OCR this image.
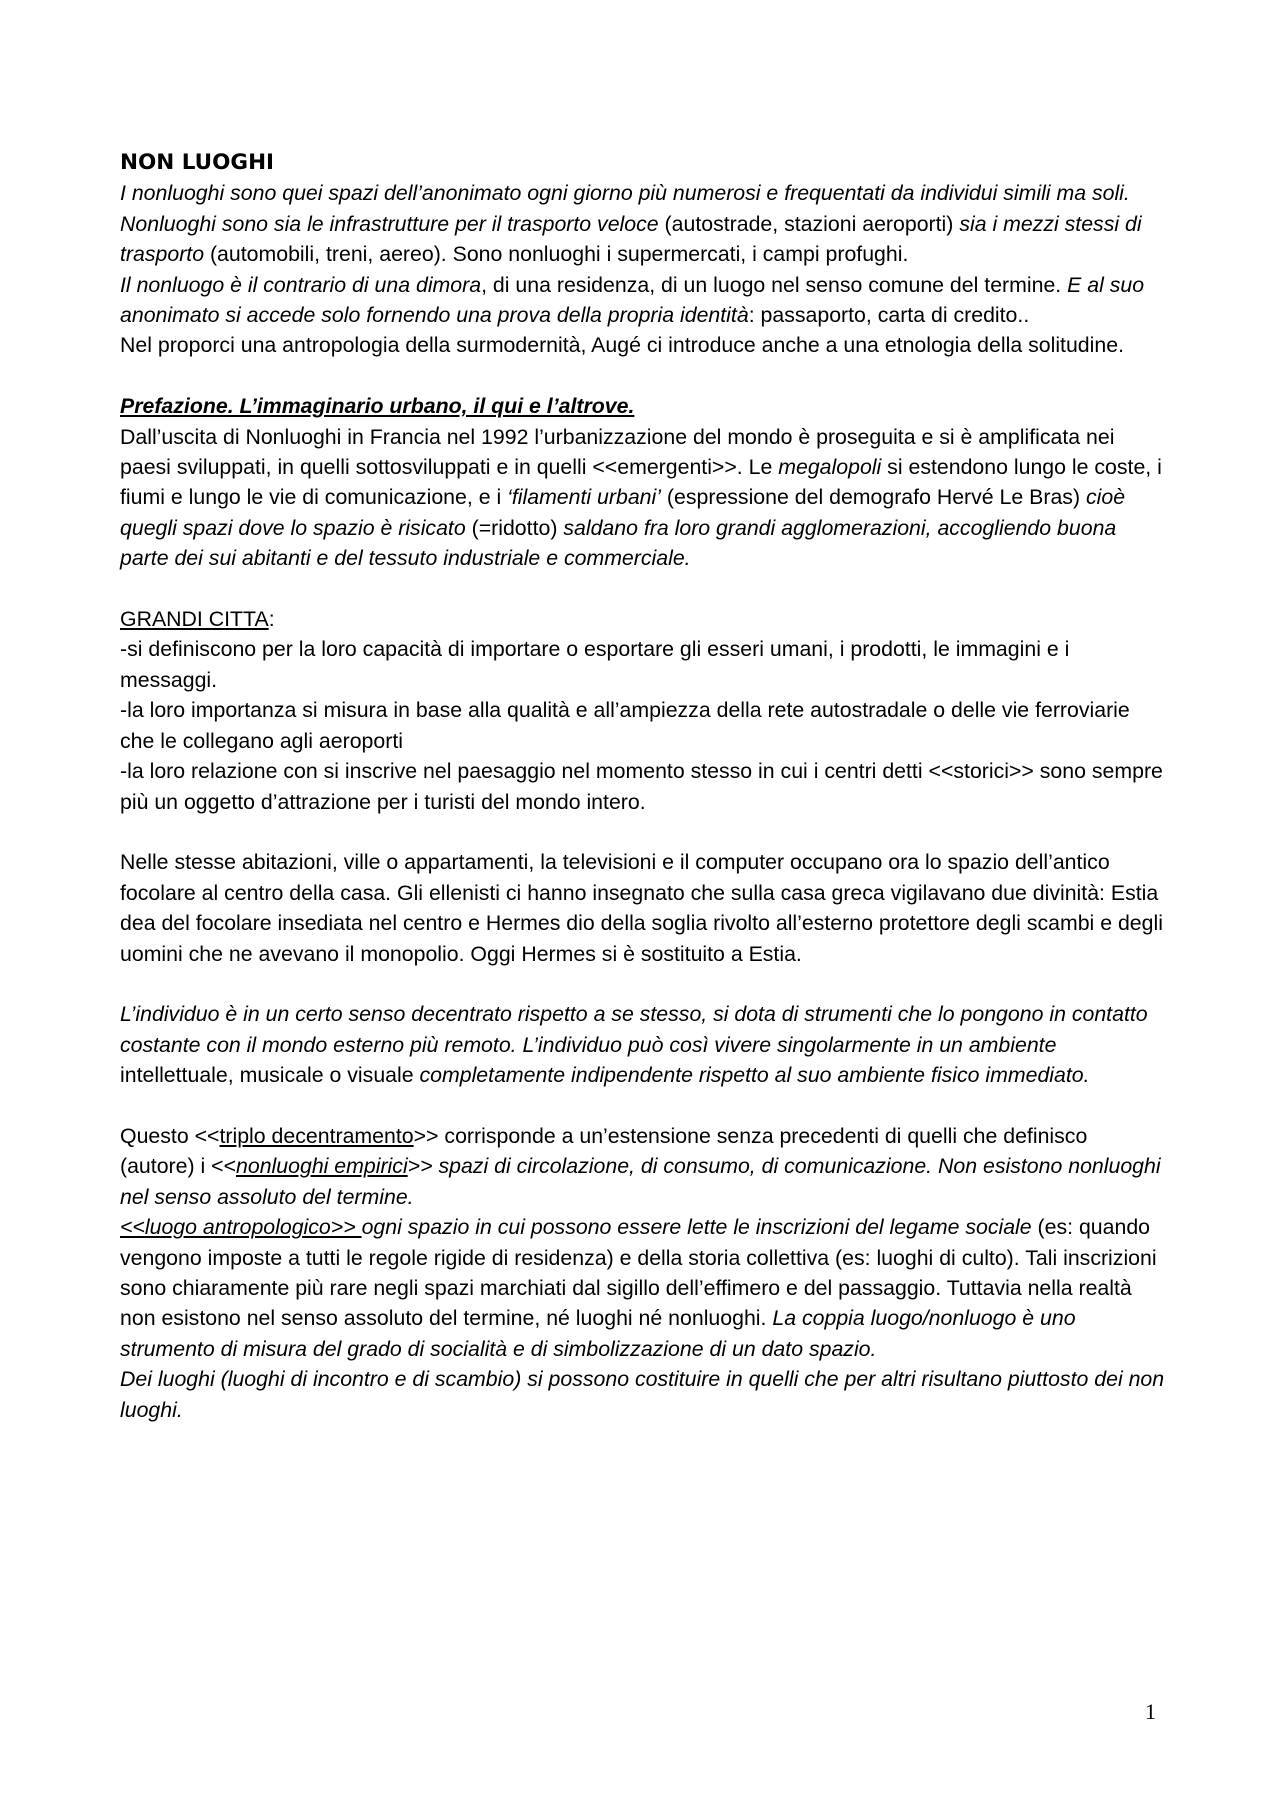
NON LUOGHI

I nonluoghi sono quei spazi dell’anonimato ogni giorno più numerosi e frequentati da individui simili ma soli. Nonluoghi sono sia le infrastrutture per il trasporto veloce (autostrade, stazioni aeroporti) sia i mezzi stessi di trasporto (automobili, treni, aereo). Sono nonluoghi i supermercati, i campi profughi.

Il nonluogo è il contrario di una dimora, di una residenza, di un luogo nel senso comune del termine. E al suo anonimato si accede solo fornendo una prova della propria identità: passaporto, carta di credito..

Nel proporci una antropologia della surmodernità, Augé ci introduce anche a una etnologia della solitudine.

Prefazione. L’immaginario urbano, il qui e l’altrove.

Dall’uscita di Nonluoghi in Francia nel 1992 l’urbanizzazione del mondo è proseguita e si è amplificata nei paesi sviluppati, in quelli sottosviluppati e in quelli <<emergenti>>. Le megalopoli si estendono lungo le coste, i fiumi e lungo le vie di comunicazione, e i ‘filamenti urbani’ (espressione del demografo Hervé Le Bras) cioè quegli spazi dove lo spazio è risicato (=ridotto) saldano fra loro grandi agglomerazioni, accogliendo buona parte dei sui abitanti e del tessuto industriale e commerciale.

GRANDI CITTA:

-si definiscono per la loro capacità di importare o esportare gli esseri umani, i prodotti, le immagini e i messaggi.

-la loro importanza si misura in base alla qualità e all’ampiezza della rete autostradale o delle vie ferroviarie che le collegano agli aeroporti

-la loro relazione con si inscrive nel paesaggio nel momento stesso in cui i centri detti <<storici>> sono sempre più un oggetto d’attrazione per i turisti del mondo intero.

Nelle stesse abitazioni, ville o appartamenti, la televisioni e il computer occupano ora lo spazio dell’antico focolare al centro della casa. Gli ellenisti ci hanno insegnato che sulla casa greca vigilavano due divinità: Estia dea del focolare insediata nel centro e Hermes dio della soglia rivolto all’esterno protettore degli scambi e degli uomini che ne avevano il monopolio. Oggi Hermes si è sostituito a Estia.

L’individuo è in un certo senso decentrato rispetto a se stesso, si dota di strumenti che lo pongono in contatto costante con il mondo esterno più remoto. L’individuo può così vivere singolarmente in un ambiente intellettuale, musicale o visuale completamente indipendente rispetto al suo ambiente fisico immediato.

Questo <<triplo decentramento>> corrisponde a un’estensione senza precedenti di quelli che definisco (autore) i <<nonluoghi empirici>> spazi di circolazione, di consumo, di comunicazione. Non esistono nonluoghi nel senso assoluto del termine.

<<luogo antropologico>> ogni spazio in cui possono essere lette le inscrizioni del legame sociale (es: quando vengono imposte a tutti le regole rigide di residenza) e della storia collettiva (es: luoghi di culto). Tali inscrizioni sono chiaramente più rare negli spazi marchiati dal sigillo dell’effimero e del passaggio. Tuttavia nella realtà non esistono nel senso assoluto del termine, né luoghi né nonluoghi. La coppia luogo/nonluogo è uno strumento di misura del grado di socialità e di simbolizzazione di un dato spazio.

Dei luoghi (luoghi di incontro e di scambio) si possono costituire in quelli che per altri risultano piuttosto dei non luoghi.

1
